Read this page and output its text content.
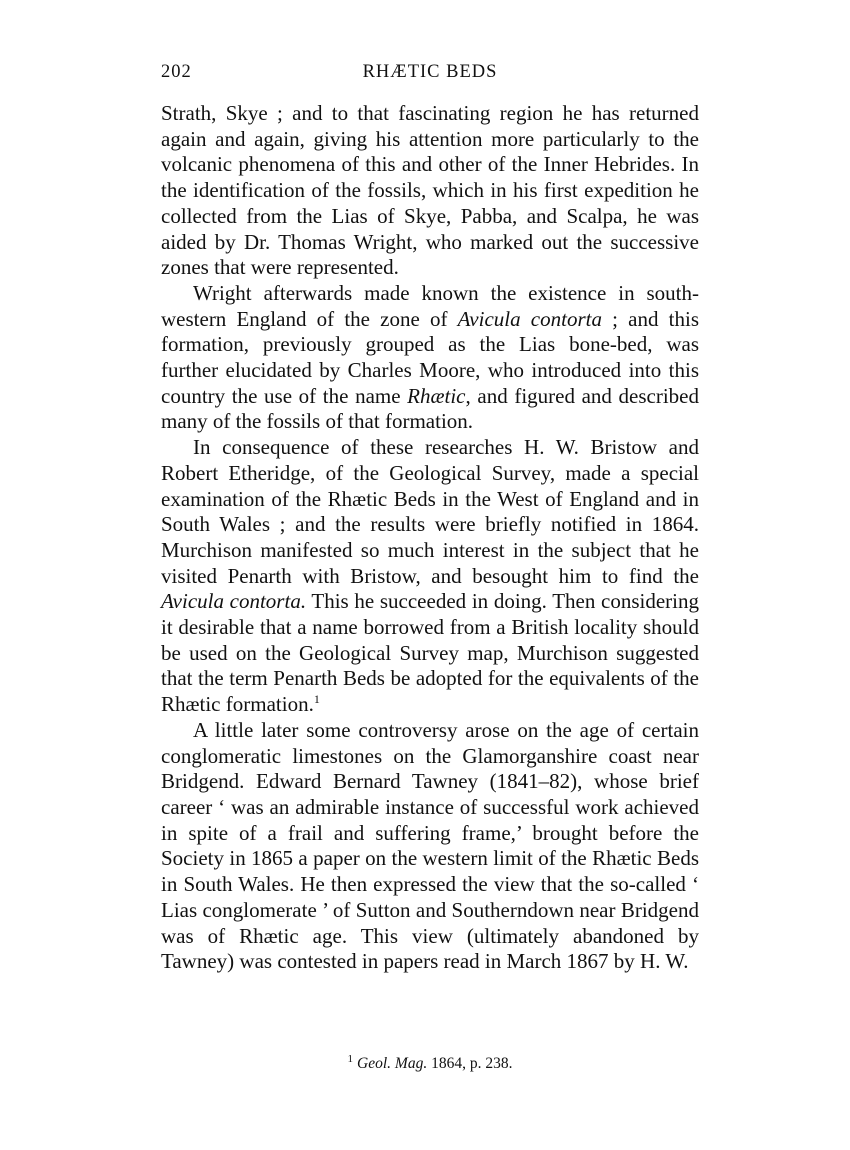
202	RHÆTIC BEDS

Strath, Skye ; and to that fascinating region he has returned again and again, giving his attention more particularly to the volcanic phenomena of this and other of the Inner Hebrides. In the identification of the fossils, which in his first expedition he collected from the Lias of Skye, Pabba, and Scalpa, he was aided by Dr. Thomas Wright, who marked out the successive zones that were represented.

Wright afterwards made known the existence in south-western England of the zone of Avicula contorta ; and this formation, previously grouped as the Lias bone-bed, was further elucidated by Charles Moore, who introduced into this country the use of the name Rhætic, and figured and described many of the fossils of that formation.

In consequence of these researches H. W. Bristow and Robert Etheridge, of the Geological Survey, made a special examination of the Rhætic Beds in the West of England and in South Wales ; and the results were briefly notified in 1864. Murchison manifested so much interest in the subject that he visited Penarth with Bristow, and besought him to find the Avicula contorta. This he succeeded in doing. Then considering it desirable that a name borrowed from a British locality should be used on the Geological Survey map, Murchison suggested that the term Penarth Beds be adopted for the equivalents of the Rhætic formation.$^1$

A little later some controversy arose on the age of certain conglomeratic limestones on the Glamorganshire coast near Bridgend. Edward Bernard Tawney (1841–82), whose brief career ‘ was an admirable instance of successful work achieved in spite of a frail and suffering frame,’ brought before the Society in 1865 a paper on the western limit of the Rhætic Beds in South Wales. He then expressed the view that the so-called ‘ Lias conglomerate ’ of Sutton and Southerndown near Bridgend was of Rhætic age. This view (ultimately abandoned by Tawney) was contested in papers read in March 1867 by H. W.

$^1$ Geol. Mag. 1864, p. 238.
